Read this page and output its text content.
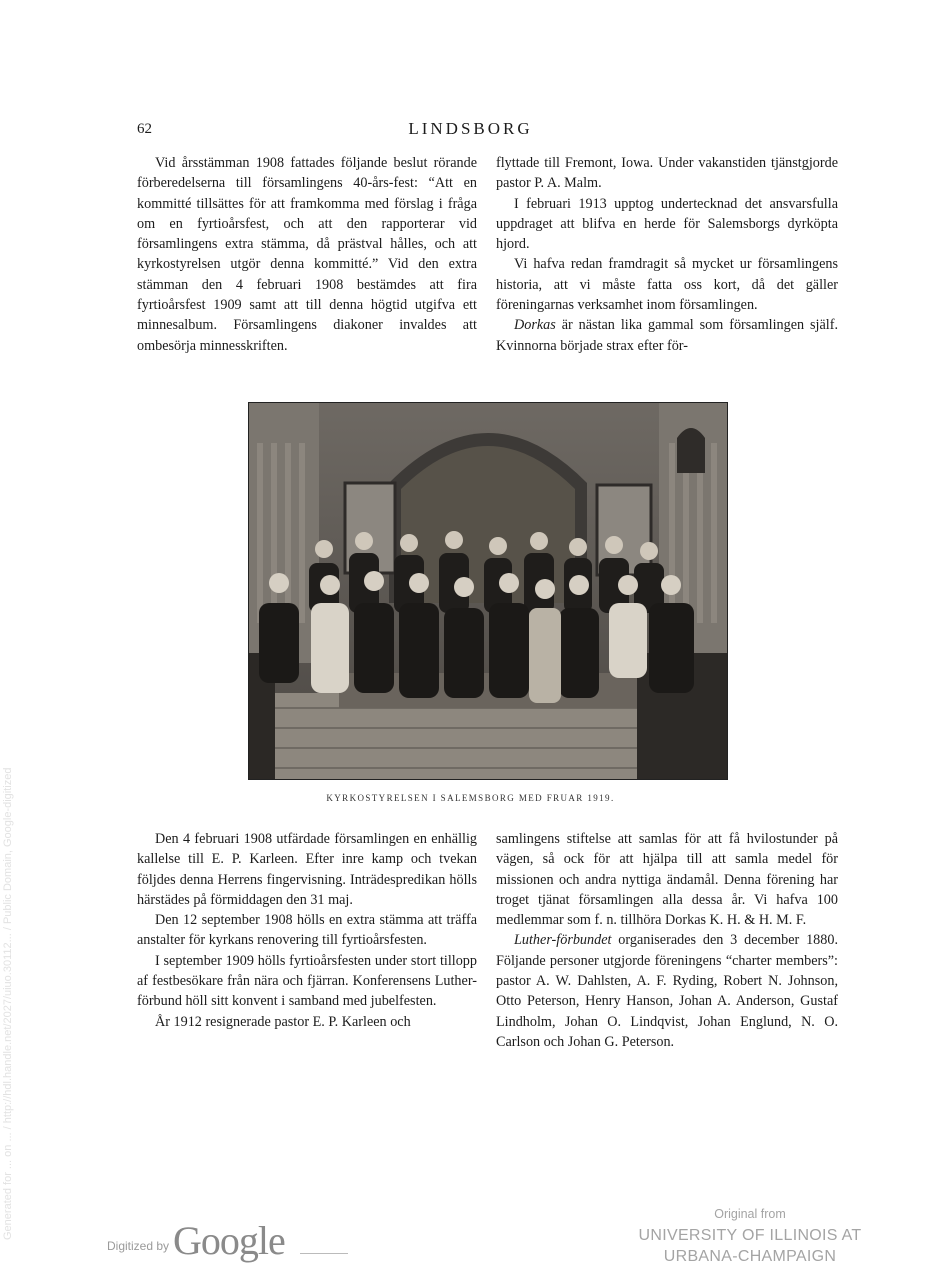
62	LINDSBORG

Vid årsstämman 1908 fattades följande beslut rörande förberedelserna till församlingens 40-års-fest: “Att en kommitté tillsättes för att framkomma med förslag i fråga om en fyrtioårsfest, och att den rapporterar vid församlingens extra stämma, då prästval hålles, och att kyrkostyrelsen utgör denna kommitté.” Vid den extra stämman den 4 februari 1908 bestämdes att fira fyrtioårsfest 1909 samt att till denna högtid utgifva ett minnesalbum. Församlingens diakoner invaldes att ombesörja minnesskriften.

flyttade till Fremont, Iowa. Under vakanstiden tjänstgjorde pastor P. A. Malm.

I februari 1913 upptog undertecknad det ansvarsfulla uppdraget att blifva en herde för Salemsborgs dyrköpta hjord.

Vi hafva redan framdragit så mycket ur församlingens historia, att vi måste fatta oss kort, då det gäller föreningarnas verksamhet inom församlingen.

Dorkas är nästan lika gammal som församlingen själf. Kvinnorna började strax efter för-

KYRKOSTYRELSEN I SALEMSBORG MED FRUAR 1919.

Den 4 februari 1908 utfärdade församlingen en enhällig kallelse till E. P. Karleen. Efter inre kamp och tvekan följdes denna Herrens fingervisning. Inträdespredikan hölls härstädes på förmiddagen den 31 maj.

Den 12 september 1908 hölls en extra stämma att träffa anstalter för kyrkans renovering till fyrtioårsfesten.

I september 1909 hölls fyrtioårsfesten under stort tillopp af festbesökare från nära och fjärran. Konferensens Luther-förbund höll sitt konvent i samband med jubelfesten.

År 1912 resignerade pastor E. P. Karleen och

samlingens stiftelse att samlas för att få hvilostunder på vägen, så ock för att hjälpa till att samla medel för missionen och andra nyttiga ändamål. Denna förening har troget tjänat församlingen alla dessa år. Vi hafva 100 medlemmar som f. n. tillhöra Dorkas K. H. & H. M. F.

Luther-förbundet organiserades den 3 december 1880. Följande personer utgjorde föreningens “charter members”: pastor A. W. Dahlsten, A. F. Ryding, Robert N. Johnson, Otto Peterson, Henry Hanson, Johan A. Anderson, Gustaf Lindholm, Johan O. Lindqvist, Johan Englund, N. O. Carlson och Johan G. Peterson.

Generated for ... on ... / http://hdl.handle.net/2027/uiuo.30112... / Public Domain, Google-digitized
$^{Digitized by}$ Google
Original from
UNIVERSITY OF ILLINOIS AT
URBANA-CHAMPAIGN
